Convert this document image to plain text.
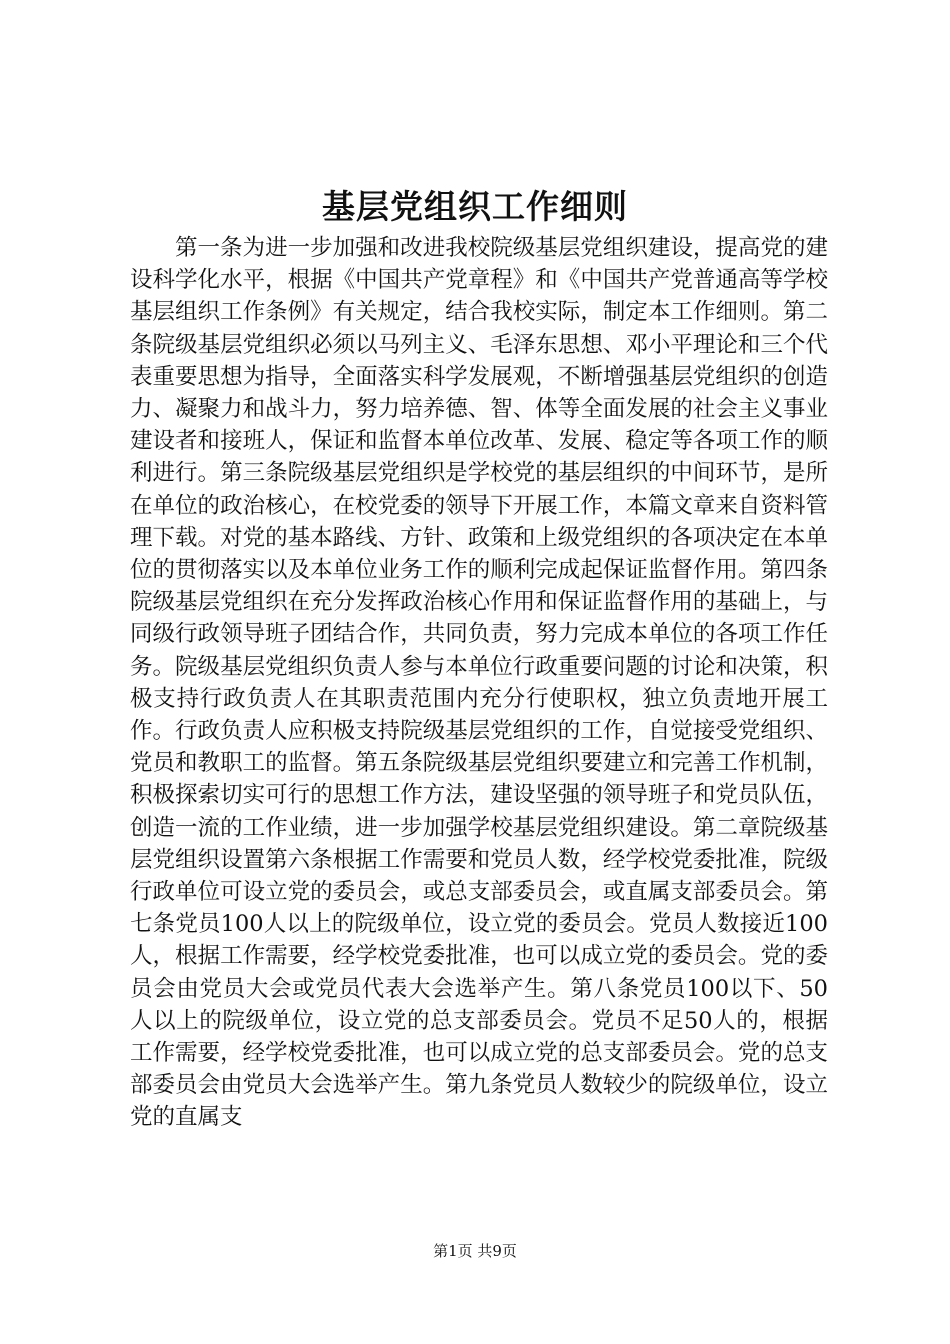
基层党组织工作细则

第一条为进一步加强和改进我校院级基层党组织建设，提高党的建设科学化水平，根据《中国共产党章程》和《中国共产党普通高等学校基层组织工作条例》有关规定，结合我校实际，制定本工作细则。第二条院级基层党组织必须以马列主义、毛泽东思想、邓小平理论和三个代表重要思想为指导，全面落实科学发展观，不断增强基层党组织的创造力、凝聚力和战斗力，努力培养德、智、体等全面发展的社会主义事业建设者和接班人，保证和监督本单位改革、发展、稳定等各项工作的顺利进行。第三条院级基层党组织是学校党的基层组织的中间环节，是所在单位的政治核心，在校党委的领导下开展工作，本篇文章来自资料管理下载。对党的基本路线、方针、政策和上级党组织的各项决定在本单位的贯彻落实以及本单位业务工作的顺利完成起保证监督作用。第四条院级基层党组织在充分发挥政治核心作用和保证监督作用的基础上，与同级行政领导班子团结合作，共同负责，努力完成本单位的各项工作任务。院级基层党组织负责人参与本单位行政重要问题的讨论和决策，积极支持行政负责人在其职责范围内充分行使职权，独立负责地开展工作。行政负责人应积极支持院级基层党组织的工作，自觉接受党组织、党员和教职工的监督。第五条院级基层党组织要建立和完善工作机制，积极探索切实可行的思想工作方法，建设坚强的领导班子和党员队伍，创造一流的工作业绩，进一步加强学校基层党组织建设。第二章院级基层党组织设置第六条根据工作需要和党员人数，经学校党委批准，院级行政单位可设立党的委员会，或总支部委员会，或直属支部委员会。第七条党员100人以上的院级单位，设立党的委员会。党员人数接近100人，根据工作需要，经学校党委批准，也可以成立党的委员会。党的委员会由党员大会或党员代表大会选举产生。第八条党员100以下、50人以上的院级单位，设立党的总支部委员会。党员不足50人的，根据工作需要，经学校党委批准，也可以成立党的总支部委员会。党的总支部委员会由党员大会选举产生。第九条党员人数较少的院级单位，设立党的直属支

第1页 共9页
